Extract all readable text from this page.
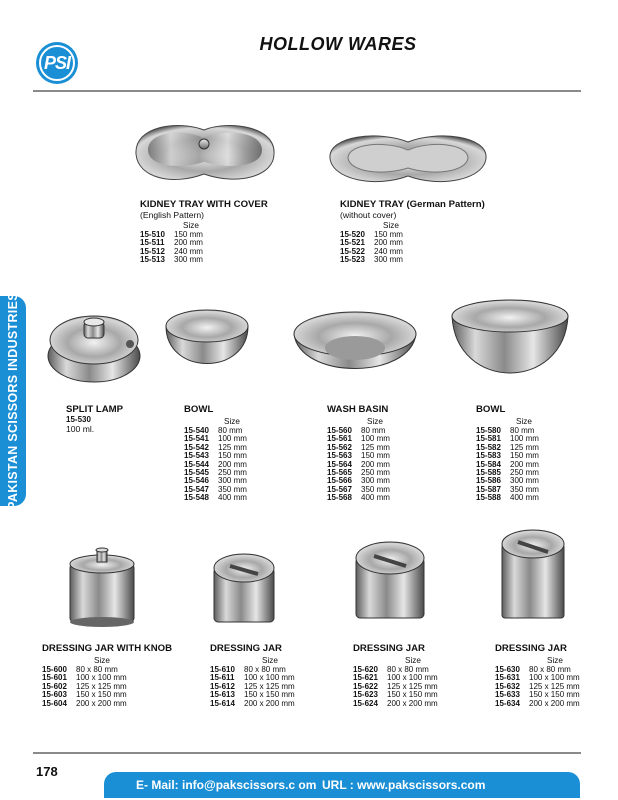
PSI
HOLLOW WARES
PAKISTAN SCISSORS INDUSTRIES
KIDNEY TRAY WITH COVER
(English Pattern)
Size
15-510 150 mm
15-511 200 mm
15-512 240 mm
15-513 300 mm
KIDNEY TRAY (German Pattern)
(without cover)
Size
15-520 150 mm
15-521 200 mm
15-522 240 mm
15-523 300 mm
SPLIT LAMP
15-530
100 ml.
BOWL
Size
15-540 80 mm
15-541 100 mm
15-542 125 mm
15-543 150 mm
15-544 200 mm
15-545 250 mm
15-546 300 mm
15-547 350 mm
15-548 400 mm
WASH BASIN
Size
15-560 80 mm
15-561 100 mm
15-562 125 mm
15-563 150 mm
15-564 200 mm
15-565 250 mm
15-566 300 mm
15-567 350 mm
15-568 400 mm
BOWL
Size
15-580 80 mm
15-581 100 mm
15-582 125 mm
15-583 150 mm
15-584 200 mm
15-585 250 mm
15-586 300 mm
15-587 350 mm
15-588 400 mm
DRESSING JAR WITH KNOB
Size
15-600 80 x 80 mm
15-601 100 x 100 mm
15-602 125 x 125 mm
15-603 150 x 150 mm
15-604 200 x 200 mm
DRESSING JAR
Size
15-610 80 x 80 mm
15-611 100 x 100 mm
15-612 125 x 125 mm
15-613 150 x 150 mm
15-614 200 x 200 mm
DRESSING JAR
Size
15-620 80 x 80 mm
15-621 100 x 100 mm
15-622 125 x 125 mm
15-623 150 x 150 mm
15-624 200 x 200 mm
DRESSING JAR
Size
15-630 80 x 80 mm
15-631 100 x 100 mm
15-632 125 x 125 mm
15-633 150 x 150 mm
15-634 200 x 200 mm
178
E- Mail: info@pakscissors.c om URL : www.pakscissors.com
